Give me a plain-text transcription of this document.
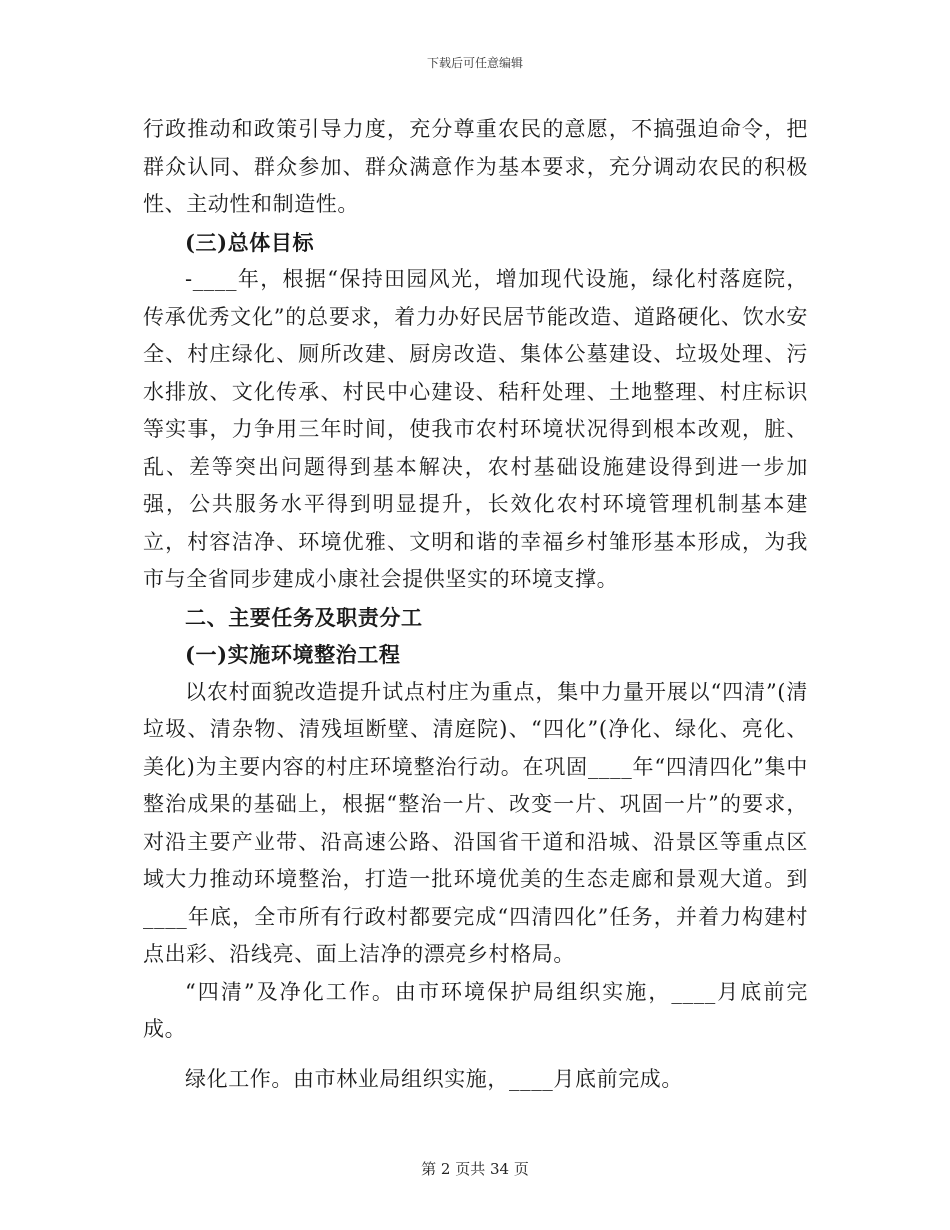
下载后可任意编辑

行政推动和政策引导力度，充分尊重农民的意愿，不搞强迫命令，把群众认同、群众参加、群众满意作为基本要求，充分调动农民的积极性、主动性和制造性。

(三)总体目标

-____年，根据“保持田园风光，增加现代设施，绿化村落庭院，传承优秀文化”的总要求，着力办好民居节能改造、道路硬化、饮水安全、村庄绿化、厕所改建、厨房改造、集体公墓建设、垃圾处理、污水排放、文化传承、村民中心建设、秸秆处理、土地整理、村庄标识等实事，力争用三年时间，使我市农村环境状况得到根本改观，脏、乱、差等突出问题得到基本解决，农村基础设施建设得到进一步加强，公共服务水平得到明显提升，长效化农村环境管理机制基本建立，村容洁净、环境优雅、文明和谐的幸福乡村雏形基本形成，为我市与全省同步建成小康社会提供坚实的环境支撑。

二、主要任务及职责分工

(一)实施环境整治工程

以农村面貌改造提升试点村庄为重点，集中力量开展以“四清”(清垃圾、清杂物、清残垣断壁、清庭院)、“四化”(净化、绿化、亮化、美化)为主要内容的村庄环境整治行动。在巩固____年“四清四化”集中整治成果的基础上，根据“整治一片、改变一片、巩固一片”的要求，对沿主要产业带、沿高速公路、沿国省干道和沿城、沿景区等重点区域大力推动环境整治，打造一批环境优美的生态走廊和景观大道。到____年底，全市所有行政村都要完成“四清四化”任务，并着力构建村点出彩、沿线亮、面上洁净的漂亮乡村格局。

“四清”及净化工作。由市环境保护局组织实施，____月底前完成。

绿化工作。由市林业局组织实施，____月底前完成。

第 2 页共 34 页
